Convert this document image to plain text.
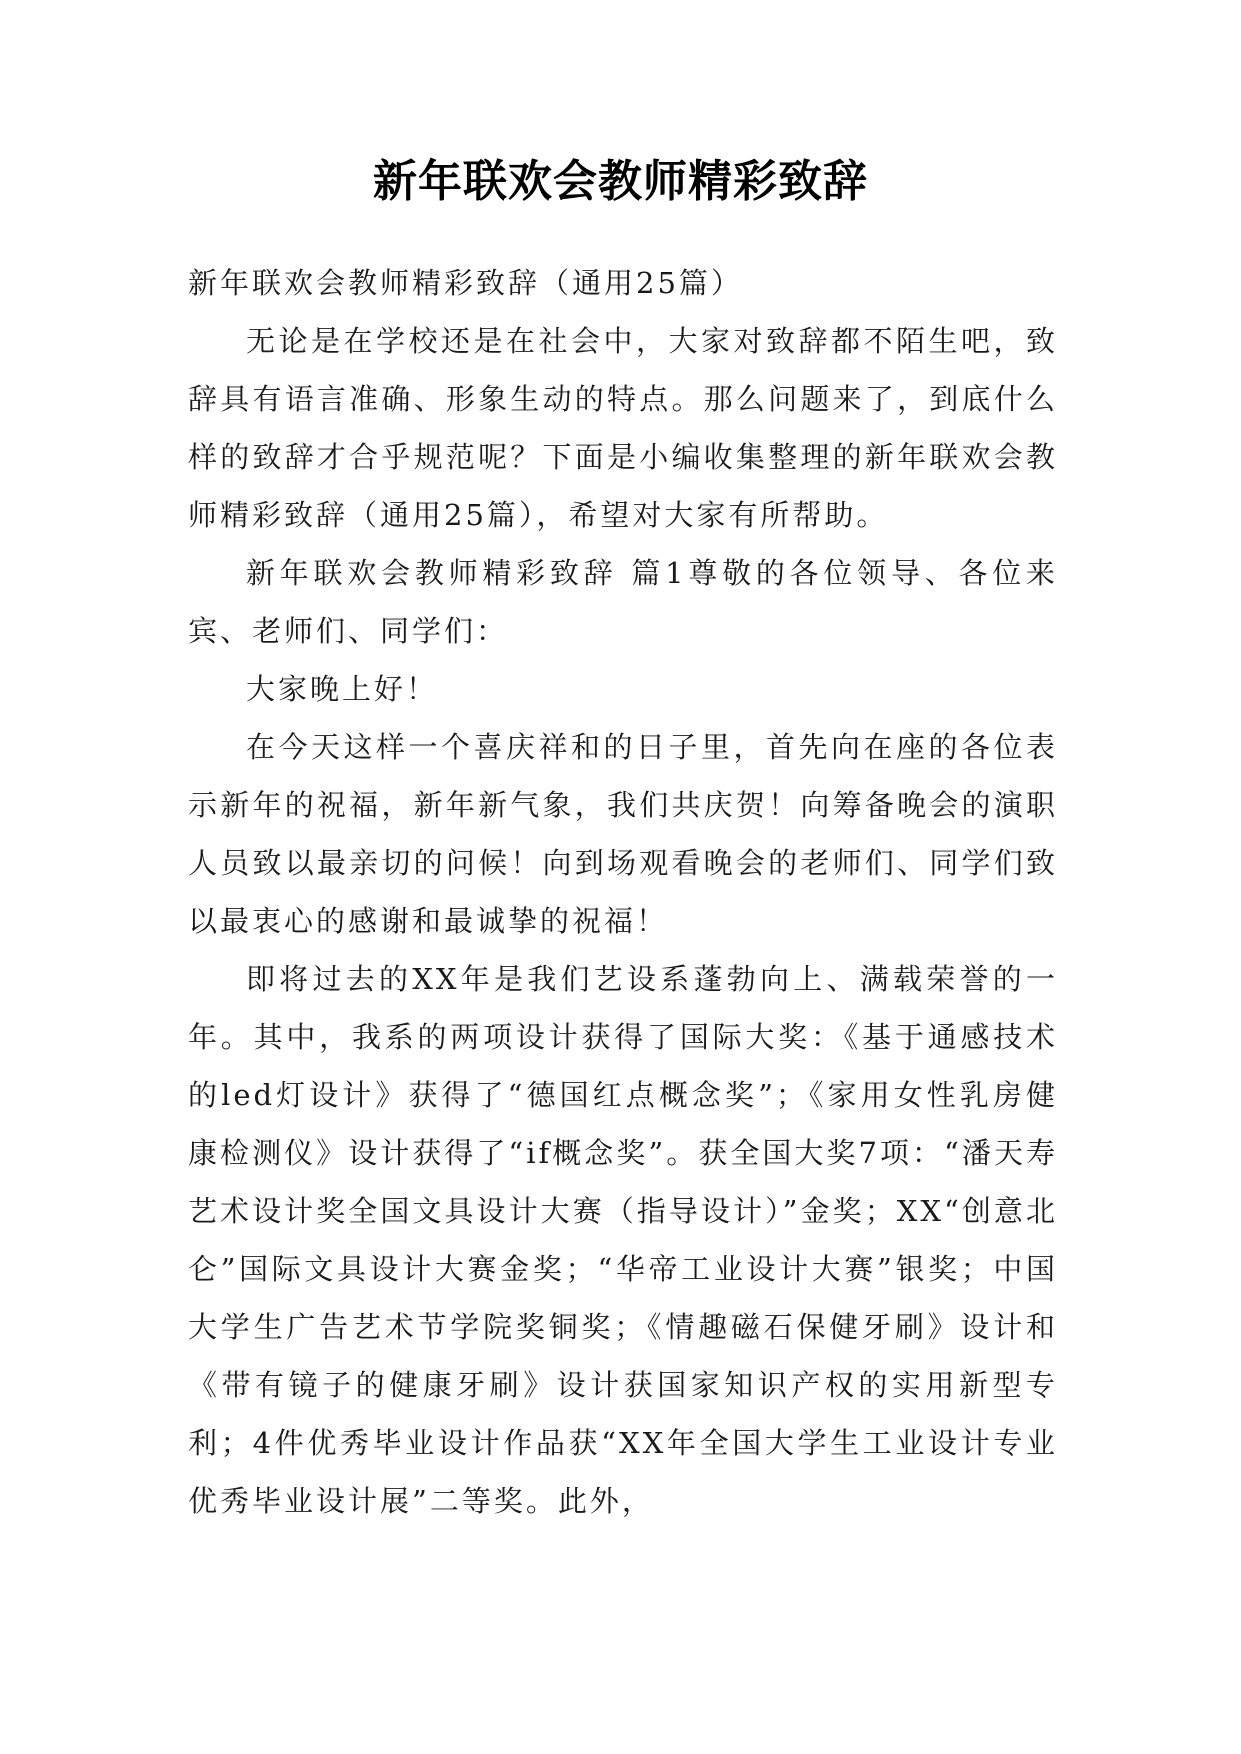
新年联欢会教师精彩致辞

新年联欢会教师精彩致辞（通用25篇）

无论是在学校还是在社会中，大家对致辞都不陌生吧，致辞具有语言准确、形象生动的特点。那么问题来了，到底什么样的致辞才合乎规范呢？下面是小编收集整理的新年联欢会教师精彩致辞（通用25篇），希望对大家有所帮助。

新年联欢会教师精彩致辞 篇1尊敬的各位领导、各位来宾、老师们、同学们：

大家晚上好！

在今天这样一个喜庆祥和的日子里，首先向在座的各位表示新年的祝福，新年新气象，我们共庆贺！向筹备晚会的演职人员致以最亲切的问候！向到场观看晚会的老师们、同学们致以最衷心的感谢和最诚挚的祝福！

即将过去的XX年是我们艺设系蓬勃向上、满载荣誉的一年。其中，我系的两项设计获得了国际大奖：《基于通感技术的led灯设计》获得了“德国红点概念奖”；《家用女性乳房健康检测仪》设计获得了“if概念奖”。获全国大奖7项：“潘天寿艺术设计奖全国文具设计大赛（指导设计）”金奖；XX“创意北仑”国际文具设计大赛金奖；“华帝工业设计大赛”银奖；中国大学生广告艺术节学院奖铜奖；《情趣磁石保健牙刷》设计和《带有镜子的健康牙刷》设计获国家知识产权的实用新型专利；4件优秀毕业设计作品获“XX年全国大学生工业设计专业优秀毕业设计展”二等奖。此外，
